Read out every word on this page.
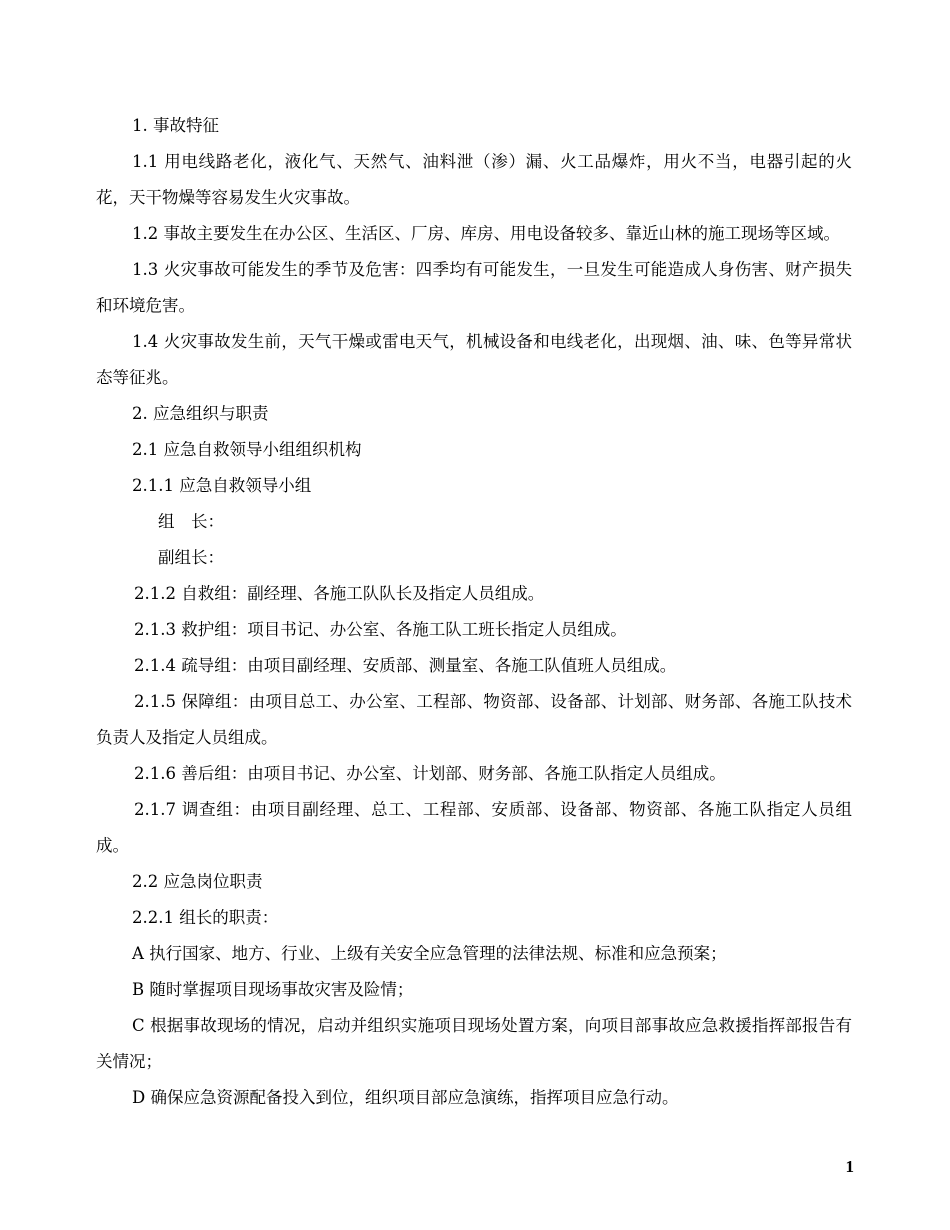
1. 事故特征

1.1 用电线路老化，液化气、天然气、油料泄（渗）漏、火工品爆炸，用火不当，电器引起的火花，天干物燥等容易发生火灾事故。

1.2 事故主要发生在办公区、生活区、厂房、库房、用电设备较多、靠近山林的施工现场等区域。

1.3 火灾事故可能发生的季节及危害：四季均有可能发生，一旦发生可能造成人身伤害、财产损失和环境危害。

1.4 火灾事故发生前，天气干燥或雷电天气，机械设备和电线老化，出现烟、油、味、色等异常状态等征兆。

2. 应急组织与职责

2.1 应急自救领导小组组织机构

2.1.1 应急自救领导小组

组　长：

副组长：

2.1.2 自救组：副经理、各施工队队长及指定人员组成。

2.1.3 救护组：项目书记、办公室、各施工队工班长指定人员组成。

2.1.4 疏导组：由项目副经理、安质部、测量室、各施工队值班人员组成。

2.1.5 保障组：由项目总工、办公室、工程部、物资部、设备部、计划部、财务部、各施工队技术负责人及指定人员组成。

2.1.6 善后组：由项目书记、办公室、计划部、财务部、各施工队指定人员组成。

2.1.7 调查组：由项目副经理、总工、工程部、安质部、设备部、物资部、各施工队指定人员组成。

2.2 应急岗位职责

2.2.1 组长的职责：

A 执行国家、地方、行业、上级有关安全应急管理的法律法规、标准和应急预案；

B 随时掌握项目现场事故灾害及险情；

C 根据事故现场的情况，启动并组织实施项目现场处置方案，向项目部事故应急救援指挥部报告有关情况；

D 确保应急资源配备投入到位，组织项目部应急演练，指挥项目应急行动。

1
